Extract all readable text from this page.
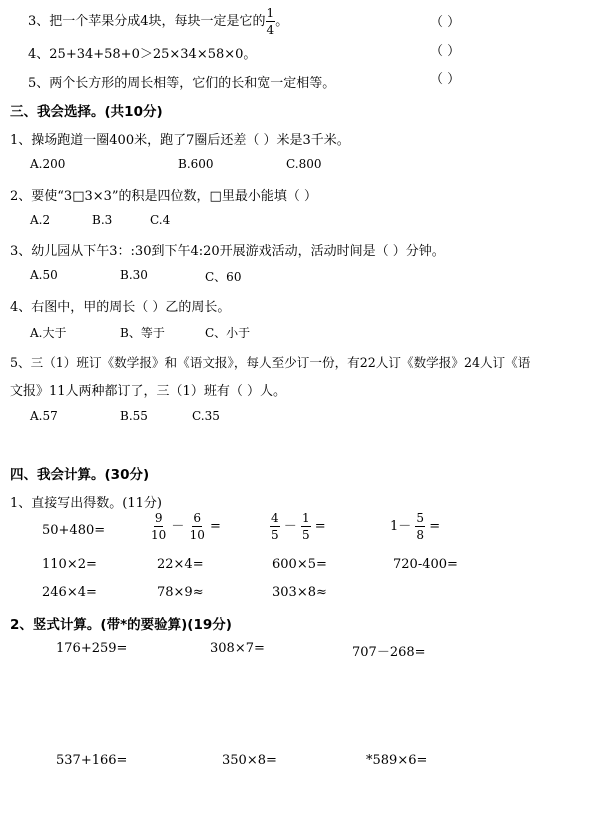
3、把一个苹果分成4块，每块一定是它的 $\frac{1}{4}$ 。	（ ）
4、25+34+58+0＞25×34×58×0。	（ ）
5、两个长方形的周长相等，它们的长和宽一定相等。	（ ）
三、我会选择。(共10分)
1、操场跑道一圈400米，跑了7圈后还差（ ）米是3千米。
A.200	B.600	C.800
2、要使“3□3×3”的积是四位数，□里最小能填（ ）
A.2	B.3	C.4
3、幼儿园从下午3：:30到下午4:20开展游戏活动，活动时间是（ ）分钟。
A.50	B.30	C、60
4、右图中，甲的周长（ ）乙的周长。
A.大于	B、等于	C、小于
5、三（1）班订《数学报》和《语文报》，每人至少订一份，有22人订《数学报》24人订《语
文报》11人两种都订了，三（1）班有（ ）人。
A.57	B.55	C.35
四、我会计算。(30分)
1、直接写出得数。(11分)
50+480=	$\frac{9}{10} - \frac{6}{10}$ =	$\frac{4}{5} - \frac{1}{5}$ =	$1- \frac{5}{8}$ =
110×2=	22×4=	600×5=	720-400=
246×4=	78×9≈	303×8≈
2、竖式计算。(带*的要验算)(19分)
176+259=	308×7=	707－268=
537+166=	350×8=	*589×6=
